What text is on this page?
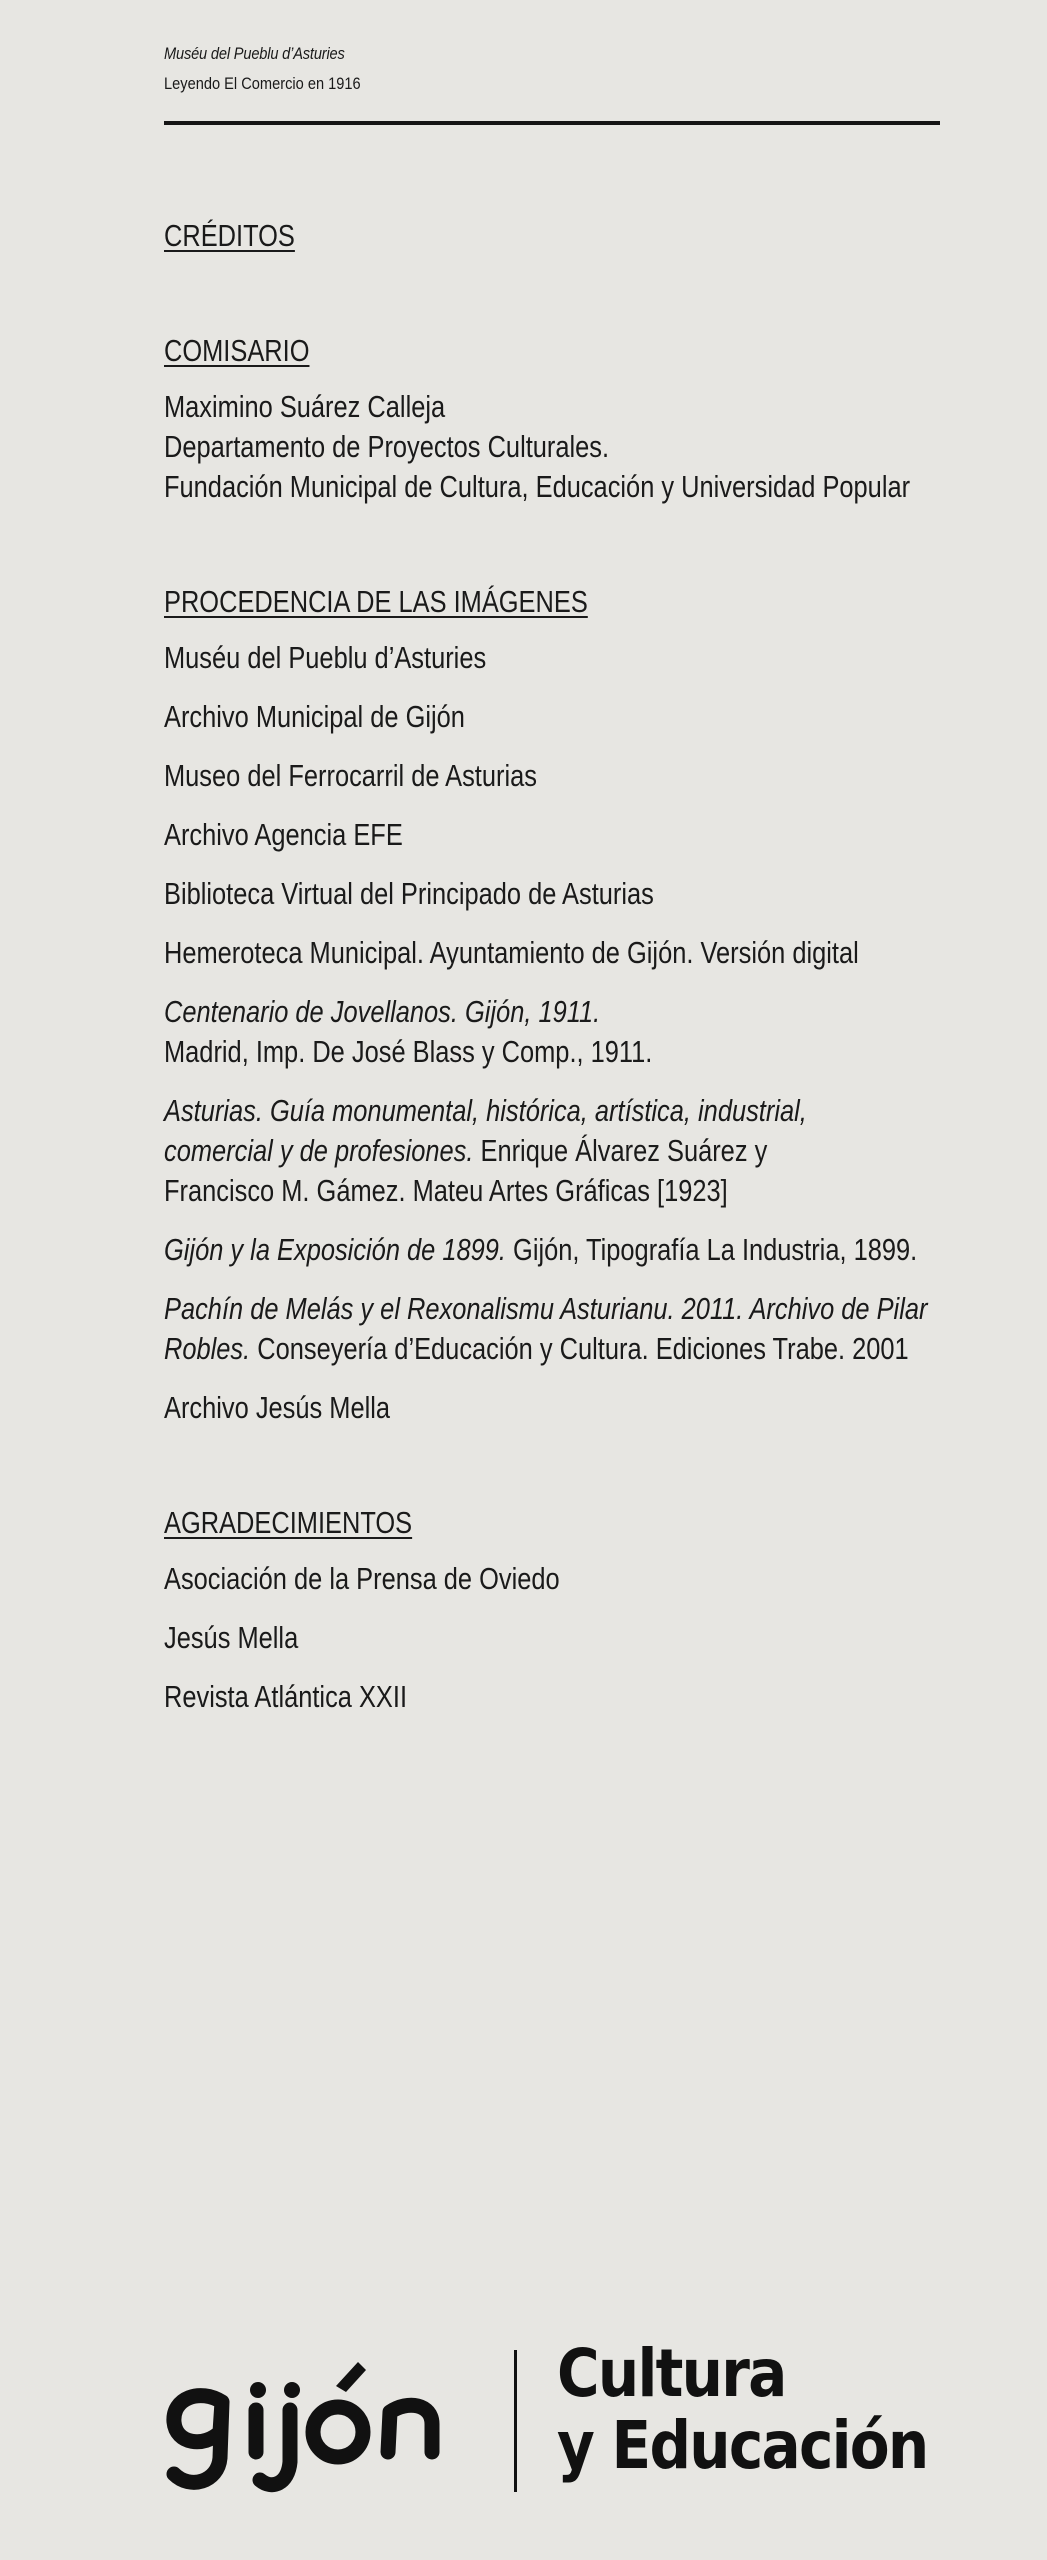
Muséu del Pueblu d’Asturies
Leyendo El Comercio en 1916
CRÉDITOS
COMISARIO
Maximino Suárez Calleja
Departamento de Proyectos Culturales.
Fundación Municipal de Cultura, Educación y Universidad Popular
PROCEDENCIA DE LAS IMÁGENES
Muséu del Pueblu d’Asturies
Archivo Municipal de Gijón
Museo del Ferrocarril de Asturias
Archivo Agencia EFE
Biblioteca Virtual del Principado de Asturias
Hemeroteca Municipal. Ayuntamiento de Gijón. Versión digital
Centenario de Jovellanos. Gijón, 1911.
Madrid, Imp. De José Blass y Comp., 1911.
Asturias. Guía monumental, histórica, artística, industrial,
comercial y de profesiones. Enrique Álvarez Suárez y
Francisco M. Gámez. Mateu Artes Gráficas [1923]
Gijón y la Exposición de 1899. Gijón, Tipografía La Industria, 1899.
Pachín de Melás y el Rexonalismu Asturianu. 2011. Archivo de Pilar
Robles. Conseyería d’Educación y Cultura. Ediciones Trabe. 2001
Archivo Jesús Mella
AGRADECIMIENTOS
Asociación de la Prensa de Oviedo
Jesús Mella
Revista Atlántica XXII
gijón	Cultura
y Educación
